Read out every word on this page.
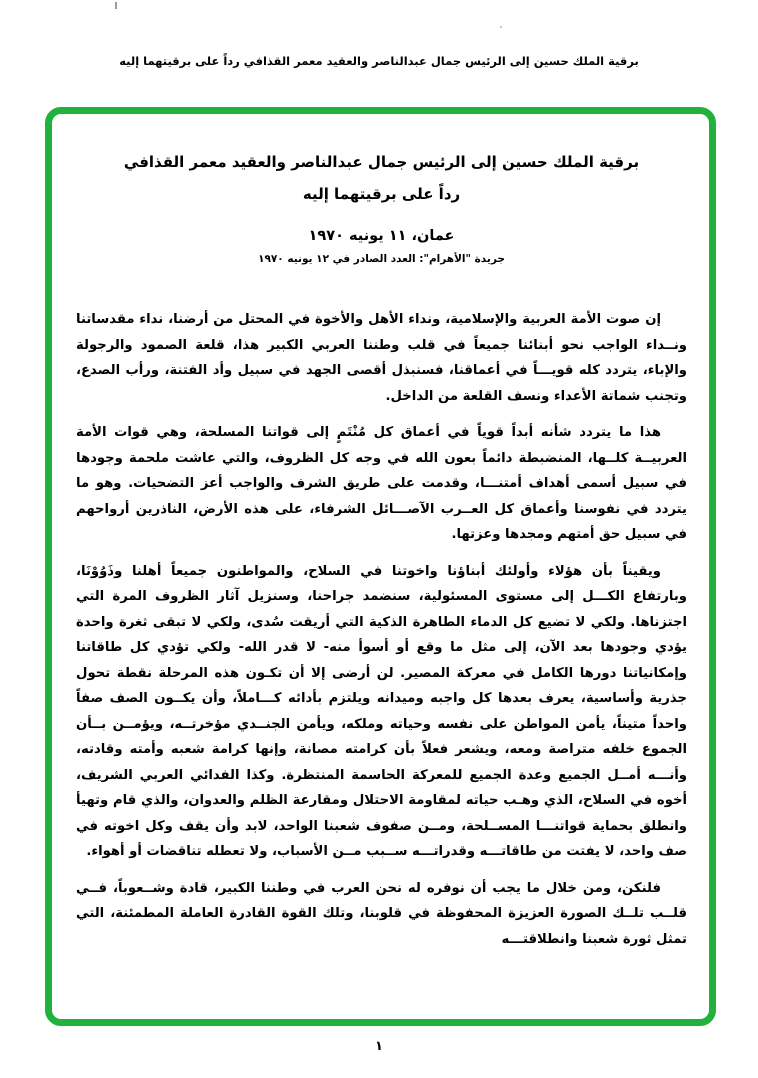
برقية الملك حسين إلى الرئيس جمال عبدالناصر والعقيد معمر القذافي رداً على برقيتهما إليه
برقية الملك حسين إلى الرئيس جمال عبدالناصر والعقيد معمر القذافي
رداً على برقيتهما إليه
عمان، ١١ يونيه ١٩٧٠
جريدة "الأهرام": العدد الصادر في ١٢ يونيه ١٩٧٠

إن صوت الأمة العربية والإسلامية، ونداء الأهل والأخوة في المحتل من أرضنا، نداء مقدساتنا ونــداء الواجب نحو أبنائنا جميعاً في قلب وطننا العربي الكبير هذا، قلعة الصمود والرجولة والإباء، يتردد كله قويـــاً في أعماقنا، فسنبذل أقصى الجهد في سبيل وأد الفتنة، ورأب الصدع، وتجنب شماتة الأعداء ونسف القلعة من الداخل.

هذا ما يتردد شأنه أبداً قوياً في أعماق كل مُنْتَمٍ إلى قواتنا المسلحة، وهي قوات الأمة العربيــة كلــها، المنضبطة دائماً بعون الله في وجه كل الظروف، والتي عاشت ملحمة وجودها في سبيل أسمى أهداف أمتنـــا، وقدمت على طريق الشرف والواجب أعز التضحيات. وهو ما يتردد في نفوسنا وأعماق كل العــرب الآصـــائل الشرفاء، على هذه الأرض، الناذرين أرواحهم في سبيل حق أمتهم ومجدها وعزتها.

ويقيناً بأن هؤلاء وأولئك أبناؤنا واخوتنا في السلاح، والمواطنون جميعاً أهلنا وذَوُوْنَا، وبارتفاع الكـــل إلى مستوى المسئولية، سنضمد جراحنا، وسنزيل آثار الظروف المرة التي اجتزناها. ولكي لا تضيع كل الدماء الطاهرة الذكية التي أريقت سُدى، ولكي لا تبقى ثغرة واحدة يؤدي وجودها بعد الآن، إلى مثل ما وقع أو أسوأ منه- لا قدر الله- ولكي تؤدي كل طاقاتنا وإمكانياتنا دورها الكامل في معركة المصير. لن أرضى إلا أن تكـون هذه المرحلة نقطة تحول جذرية وأساسية، يعرف بعدها كل واجبه وميدانه ويلتزم بأدائه كـــاملاً، وأن يكــون الصف صفاً واحداً متيناً، يأمن المواطن على نفسه وحياته وملكه، ويأمن الجنــدي مؤخرتــه، ويؤمــن بــأن الجموع خلفه متراصة ومعه، ويشعر فعلاً بأن كرامته مصانة، وإنها كرامة شعبه وأمته وقادته، وأنـــه أمــل الجميع وعدة الجميع للمعركة الحاسمة المنتظرة. وكذا الفدائي العربي الشريف، أخوه في السلاح، الذي وهـب حياته لمقاومة الاحتلال ومقارعة الظلم والعدوان، والذي قام وتهيأ وانطلق بحماية قواتنـــا المســلحة، ومــن صفوف شعبنا الواحد، لابد وأن يقف وكل اخوته في صف واحد، لا يفتت من طاقاتـــه وقدراتـــه ســبب مــن الأسباب، ولا تعطله تناقضات أو أهواء.

فلنكن، ومن خلال ما يجب أن نوفره له نحن العرب في وطننا الكبير، قادة وشــعوباً، فــي قلــب تلــك الصورة العزيزة المحفوظة في قلوبنا، وتلك القوة القادرة العاملة المطمئنة، التي تمثل ثورة شعبنا وانطلاقتـــه

١
